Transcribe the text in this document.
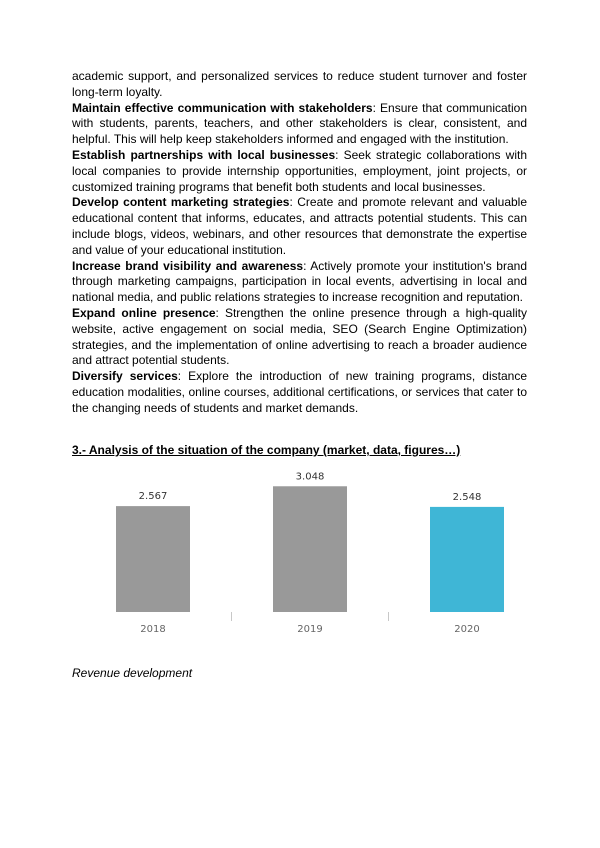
academic support, and personalized services to reduce student turnover and foster long-term loyalty.

Maintain effective communication with stakeholders: Ensure that communication with students, parents, teachers, and other stakeholders is clear, consistent, and helpful. This will help keep stakeholders informed and engaged with the institution.

Establish partnerships with local businesses: Seek strategic collaborations with local companies to provide internship opportunities, employment, joint projects, or customized training programs that benefit both students and local businesses.

Develop content marketing strategies: Create and promote relevant and valuable educational content that informs, educates, and attracts potential students. This can include blogs, videos, webinars, and other resources that demonstrate the expertise and value of your educational institution.

Increase brand visibility and awareness: Actively promote your institution's brand through marketing campaigns, participation in local events, advertising in local and national media, and public relations strategies to increase recognition and reputation.

Expand online presence: Strengthen the online presence through a high-quality website, active engagement on social media, SEO (Search Engine Optimization) strategies, and the implementation of online advertising to reach a broader audience and attract potential students.

Diversify services: Explore the introduction of new training programs, distance education modalities, online courses, additional certifications, or services that cater to the changing needs of students and market demands.

3.- Analysis of the situation of the company (market, data, figures…)
2.567
2018
3.048
2019
2.548
2020
Revenue development
